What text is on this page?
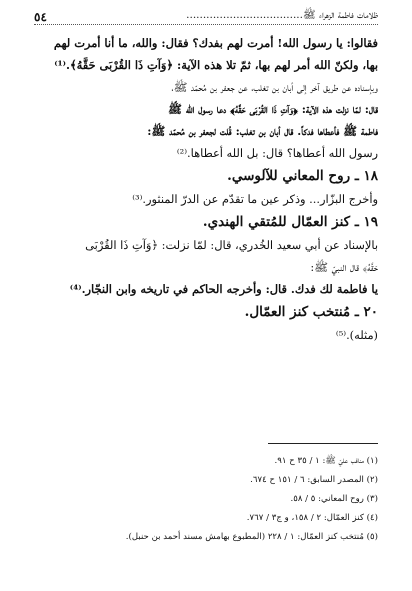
٥٤	...................................ظلامات فاطمة الزهراء ﷺ
فقالوا: يا رسول الله! أمرت لهم بفدك؟ فقال: والله، ما أنا أمرت لهم
بها، ولكنّ الله أمر لهم بها، ثمّ تلا هذه الآية: ﴿وَآتِ ذَا القُرْبَى حَقَّهُ﴾.⁽¹⁾
وبإسناده عن طريق آخر إلى أبان بن تغلب، عن جعفر بن مُحمّد ﷺ،
قال: لمّا نزلت هذه الآية: ﴿وَآتِ ذَا القُرْبَى حَقَّهُ﴾ دعا رسول الله ﷺ
فاطمة ﷺ فأعطاها فدكاً. قال أبان بن تغلب: قُلت لجعفر بن مُحمّد ﷺ:
رسول الله أعطاها؟ قال: بل الله أعطاها.⁽²⁾
١٨ ـ روح المعاني للآلوسي.
وأخرج البزّار... وذكر عين ما تقدّم عن الدرّ المنثور.⁽³⁾
١٩ ـ كنز العمّال للمُتقي الهندي.
بالإسناد عن أبي سعيد الخُدري، قال: لمّا نزلت: ﴿وَآتِ ذَا القُرْبَى
حَقَّهُ﴾ قال النبيّ ﷺ:
يا فاطمة لك فدك. قال: وأخرجه الحاكم في تاريخه وابن النجّار.⁽⁴⁾
٢٠ ـ مُنتخب كنز العمّال.
(مثله).⁽⁵⁾
(١) مناقب عليّ ﷺ: ١ / ٣٥ ح ٩١.
(٢) المصدر السابق: ٦ / ١٥١ ح ٦٧٤.
(٣) روح المعاني: ٥ / ٥٨.
(٤) كنز العمّال: ٢ / ١٥٨، و ج٣ / ٧٦٧.
(٥) مُنتخب كنز العمّال: ١ / ٢٢٨ (المطبوع بهامش مسند أحمد بن حنبل).
